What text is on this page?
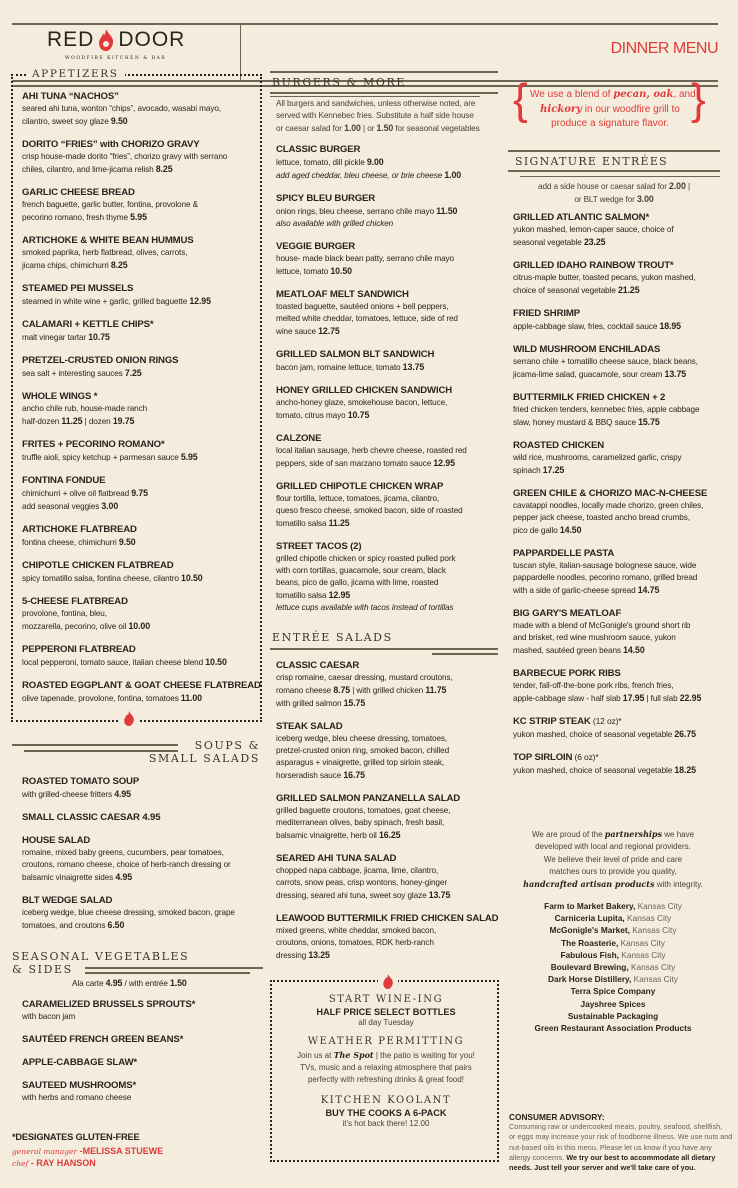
RED DOOR
WOODFIRE KITCHEN & BAR
DINNER MENU
APPETIZERS
AHI TUNA “NACHOS”
seared ahi tuna, wonton “chips”, avocado, wasabi mayo,
cilantro, sweet soy glaze 9.50
DORITO “FRIES” with CHORIZO GRAVY
crisp house-made dorito “fries”, chorizo gravy with serrano
chiles, cilantro, and lime-jicama relish 8.25
GARLIC CHEESE BREAD
french baguette, garlic butter, fontina, provolone &
pecorino romano, fresh thyme 5.95
ARTICHOKE & WHITE BEAN HUMMUS
smoked paprika, herb flatbread, olives, carrots,
jicama chips, chimichurri 8.25
STEAMED PEI MUSSELS
steamed in white wine + garlic, grilled baguette 12.95
CALAMARI + KETTLE CHIPS*
malt vinegar tartar 10.75
PRETZEL-CRUSTED ONION RINGS
sea salt + interesting sauces 7.25
WHOLE WINGS *
ancho chile rub, house-made ranch
half-dozen 11.25 | dozen 19.75
FRITES + PECORINO ROMANO*
truffle aioli, spicy ketchup + parmesan sauce 5.95
FONTINA FONDUE
chimichurri + olive oil flatbread 9.75
add seasonal veggies 3.00
ARTICHOKE FLATBREAD
fontina cheese, chimichurri 9.50
CHIPOTLE CHICKEN FLATBREAD
spicy tomatillo salsa, fontina cheese, cilantro 10.50
5-CHEESE FLATBREAD
provolone, fontina, bleu,
mozzarella, pecorino, olive oil 10.00
PEPPERONI FLATBREAD
local pepperoni, tomato sauce, italian cheese blend 10.50
ROASTED EGGPLANT & GOAT CHEESE FLATBREAD
olive tapenade, provolone, fontina, tomatoes 11.00
SOUPS &
SMALL SALADS
ROASTED TOMATO SOUP
with grilled-cheese fritters 4.95
SMALL CLASSIC CAESAR 4.95
HOUSE SALAD
romaine, mixed baby greens, cucumbers, pear tomatoes,
croutons, romano cheese, choice of herb-ranch dressing or
balsamic vinaigrette sides 4.95
BLT WEDGE SALAD
iceberg wedge, blue cheese dressing, smoked bacon, grape
tomatoes, and croutons 6.50
SEASONAL VEGETABLES
& SIDES
Ala carte 4.95 / with entrée 1.50
CARAMELIZED BRUSSELS SPROUTS*
with bacon jam
SAUTÉED FRENCH GREEN BEANS*
APPLE-CABBAGE SLAW*
SAUTEED MUSHROOMS*
with herbs and romano cheese
*DESIGNATES GLUTEN-FREE
general manager -MELISSA STUEWE
chef - RAY HANSON
BURGERS & MORE
All burgers and sandwiches, unless otherwise noted, are
served with Kennebec fries. Substitute a half side house
or caesar salad for 1.00 | or 1.50 for seasonal vegetables
CLASSIC BURGER
lettuce, tomato, dill pickle 9.00
add aged cheddar, bleu cheese, or brie cheese 1.00
SPICY BLEU BURGER
onion rings, bleu cheese, serrano chile mayo 11.50
also available with grilled chicken
VEGGIE BURGER
house- made black bean patty, serrano chile mayo
lettuce, tomato 10.50
MEATLOAF MELT SANDWICH
toasted baguette, sautéed onions + bell peppers,
melted white cheddar, tomatoes, lettuce, side of red
wine sauce 12.75
GRILLED SALMON BLT SANDWICH
bacon jam, romaine lettuce, tomato 13.75
HONEY GRILLED CHICKEN SANDWICH
ancho-honey glaze, smokehouse bacon, lettuce,
tomato, citrus mayo 10.75
CALZONE
local italian sausage, herb chevre cheese, roasted red
peppers, side of san marzano tomato sauce 12.95
GRILLED CHIPOTLE CHICKEN WRAP
flour tortilla, lettuce, tomatoes, jicama, cilantro,
queso fresco cheese, smoked bacon, side of roasted
tomatillo salsa 11.25
STREET TACOS (2)
grilled chipotle chicken or spicy roasted pulled pork
with corn tortillas, guacamole, sour cream, black
beans, pico de gallo, jicama with lime, roasted
tomatillo salsa 12.95
lettuce cups available with tacos instead of tortillas
ENTRÉE SALADS
CLASSIC CAESAR
crisp romaine, caesar dressing, mustard croutons,
romano cheese 8.75 | with grilled chicken 11.75
with grilled salmon 15.75
STEAK SALAD
iceberg wedge, bleu cheese dressing, tomatoes,
pretzel-crusted onion ring, smoked bacon, chilled
asparagus + vinaigrette, grilled top sirloin steak,
horseradish sauce 16.75
GRILLED SALMON PANZANELLA SALAD
grilled baguette croutons, tomatoes, goat cheese,
mediterranean olives, baby spinach, fresh basil,
balsamic vinaigrette, herb oil 16.25
SEARED AHI TUNA SALAD
chopped napa cabbage, jicama, lime, cilantro,
carrots, snow peas, crisp wontons, honey-ginger
dressing, seared ahi tuna, sweet soy glaze 13.75
LEAWOOD BUTTERMILK FRIED CHICKEN SALAD
mixed greens, white cheddar, smoked bacon,
croutons, onions, tomatoes, RDK herb-ranch
dressing 13.25
START WINE-ING
HALF PRICE SELECT BOTTLES
all day Tuesday
WEATHER PERMITTING
Join us at The Spot | the patio is waiting for you!
TVs, music and a relaxing atmosphere that pairs
perfectly with refreshing drinks & great food!
KITCHEN KOOLANT
BUY THE COOKS A 6-PACK
it's hot back there! 12.00
{	}
We use a blend of pecan, oak, and
hickory in our woodfire grill to
produce a signature flavor.
SIGNATURE ENTRÉES
add a side house or caesar salad for 2.00 |
or BLT wedge for 3.00
GRILLED ATLANTIC SALMON*
yukon mashed, lemon-caper sauce, choice of
seasonal vegetable 23.25
GRILLED IDAHO RAINBOW TROUT*
citrus-maple butter, toasted pecans, yukon mashed,
choice of seasonal vegetable 21.25
FRIED SHRIMP
apple-cabbage slaw, fries, cocktail sauce 18.95
WILD MUSHROOM ENCHILADAS
serrano chile + tomatillo cheese sauce, black beans,
jicama-lime salad, guacamole, sour cream 13.75
BUTTERMILK FRIED CHICKEN + 2
fried chicken tenders, kennebec fries, apple cabbage
slaw, honey mustard & BBQ sauce 15.75
ROASTED CHICKEN
wild rice, mushrooms, caramelized garlic, crispy
spinach 17.25
GREEN CHILE & CHORIZO MAC-N-CHEESE
cavatappi noodles, locally made chorizo, green chiles,
pepper jack cheese, toasted ancho bread crumbs,
pico de gallo 14.50
PAPPARDELLE PASTA
tuscan style, italian-sausage bolognese sauce, wide
pappardelle noodles, pecorino romano, grilled bread
with a side of garlic-cheese spread 14.75
BIG GARY'S MEATLOAF
made with a blend of McGonigle's ground short rib
and brisket, red wine mushroom sauce, yukon
mashed, sautéed green beans 14.50
BARBECUE PORK RIBS
tender, fall-off-the-bone pork ribs, french fries,
apple-cabbage slaw - half slab 17.95 | full slab 22.95
KC STRIP STEAK (12 oz)*
yukon mashed, choice of seasonal vegetable 26.75
TOP SIRLOIN (6 oz)*
yukon mashed, choice of seasonal vegetable 18.25
We are proud of the partnerships we have
developed with local and regional providers.
We believe their level of pride and care
matches ours to provide you quality,
handcrafted artisan products with integrity.
Farm to Market Bakery, Kansas City
Carniceria Lupita, Kansas City
McGonigle's Market, Kansas City
The Roasterie, Kansas City
Fabulous Fish, Kansas City
Boulevard Brewing, Kansas City
Dark Horse Distillery, Kansas City
Terra Spice Company
Jayshree Spices
Sustainable Packaging
Green Restaurant Association Products
CONSUMER ADVISORY:
Consuming raw or undercooked meats, poultry, seafood, shellfish,
or eggs may increase your risk of foodborne illness. We use nuts and
nut-based oils in this menu. Please let us know if you have any
allergy concerns. We try our best to accommodate all dietary
needs. Just tell your server and we'll take care of you.
